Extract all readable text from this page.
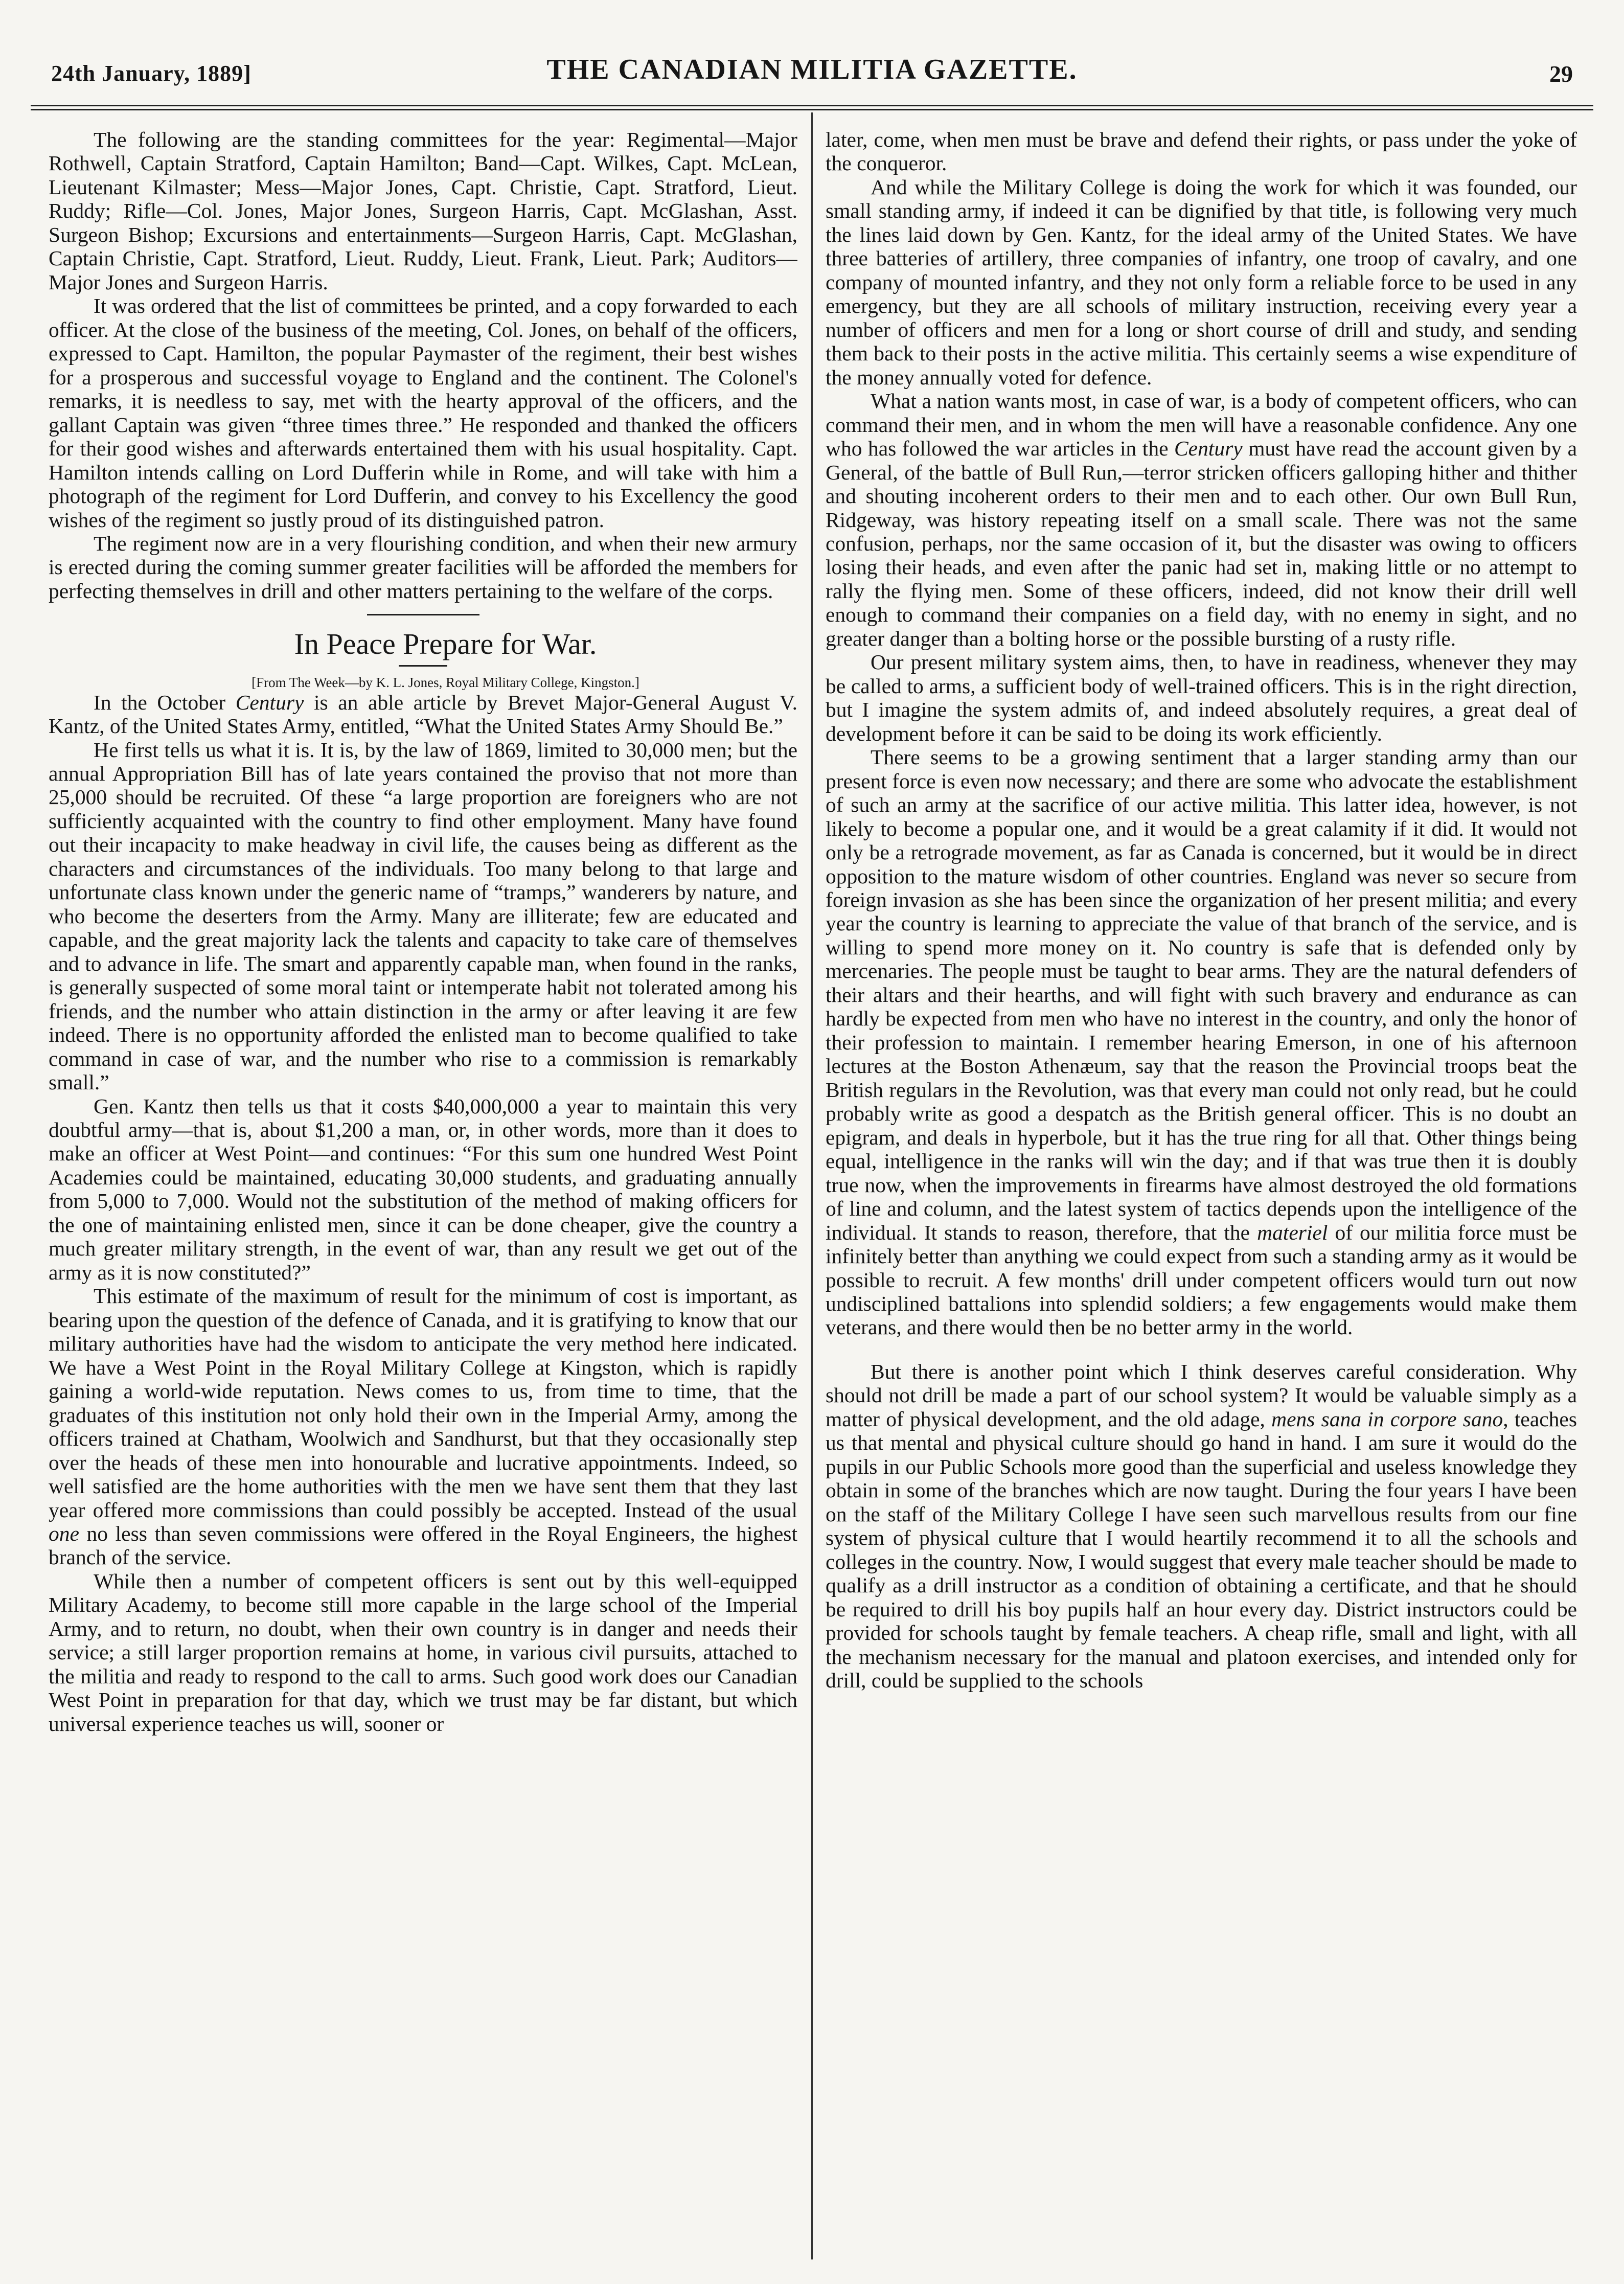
24th January, 1889]	THE CANADIAN MILITIA GAZETTE.	29

The following are the standing committees for the year: Regimental—Major Rothwell, Captain Stratford, Captain Hamilton; Band—Capt. Wilkes, Capt. McLean, Lieutenant Kilmaster; Mess—Major Jones, Capt. Christie, Capt. Stratford, Lieut. Ruddy; Rifle—Col. Jones, Major Jones, Surgeon Harris, Capt. McGlashan, Asst. Surgeon Bishop; Excursions and entertainments—Surgeon Harris, Capt. McGlashan, Captain Christie, Capt. Stratford, Lieut. Ruddy, Lieut. Frank, Lieut. Park; Auditors—Major Jones and Surgeon Harris.

It was ordered that the list of committees be printed, and a copy forwarded to each officer. At the close of the business of the meeting, Col. Jones, on behalf of the officers, expressed to Capt. Hamilton, the popular Paymaster of the regiment, their best wishes for a prosperous and successful voyage to England and the continent. The Colonel's remarks, it is needless to say, met with the hearty approval of the officers, and the gallant Captain was given “three times three.” He responded and thanked the officers for their good wishes and afterwards entertained them with his usual hospitality. Capt. Hamilton intends calling on Lord Dufferin while in Rome, and will take with him a photograph of the regiment for Lord Dufferin, and convey to his Excellency the good wishes of the regiment so justly proud of its distinguished patron.

The regiment now are in a very flourishing condition, and when their new armury is erected during the coming summer greater facilities will be afforded the members for perfecting themselves in drill and other matters pertaining to the welfare of the corps.

In Peace Prepare for War.

[From The Week—by K. L. Jones, Royal Military College, Kingston.]

In the October Century is an able article by Brevet Major-General August V. Kantz, of the United States Army, entitled, “What the United States Army Should Be.”

He first tells us what it is. It is, by the law of 1869, limited to 30,000 men; but the annual Appropriation Bill has of late years contained the proviso that not more than 25,000 should be recruited. Of these “a large proportion are foreigners who are not sufficiently acquainted with the country to find other employment. Many have found out their incapacity to make headway in civil life, the causes being as different as the characters and circumstances of the individuals. Too many belong to that large and unfortunate class known under the generic name of “tramps,” wanderers by nature, and who become the deserters from the Army. Many are illiterate; few are educated and capable, and the great majority lack the talents and capacity to take care of themselves and to advance in life. The smart and apparently capable man, when found in the ranks, is generally suspected of some moral taint or intemperate habit not tolerated among his friends, and the number who attain distinction in the army or after leaving it are few indeed. There is no opportunity afforded the enlisted man to become qualified to take command in case of war, and the number who rise to a commission is remarkably small.”

Gen. Kantz then tells us that it costs $40,000,000 a year to maintain this very doubtful army—that is, about $1,200 a man, or, in other words, more than it does to make an officer at West Point—and continues: “For this sum one hundred West Point Academies could be maintained, educating 30,000 students, and graduating annually from 5,000 to 7,000. Would not the substitution of the method of making officers for the one of maintaining enlisted men, since it can be done cheaper, give the country a much greater military strength, in the event of war, than any result we get out of the army as it is now constituted?”

This estimate of the maximum of result for the minimum of cost is important, as bearing upon the question of the defence of Canada, and it is gratifying to know that our military authorities have had the wisdom to anticipate the very method here indicated. We have a West Point in the Royal Military College at Kingston, which is rapidly gaining a world-wide reputation. News comes to us, from time to time, that the graduates of this institution not only hold their own in the Imperial Army, among the officers trained at Chatham, Woolwich and Sandhurst, but that they occasionally step over the heads of these men into honourable and lucrative appointments. Indeed, so well satisfied are the home authorities with the men we have sent them that they last year offered more commissions than could possibly be accepted. Instead of the usual one no less than seven commissions were offered in the Royal Engineers, the highest branch of the service.

While then a number of competent officers is sent out by this well-equipped Military Academy, to become still more capable in the large school of the Imperial Army, and to return, no doubt, when their own country is in danger and needs their service; a still larger proportion remains at home, in various civil pursuits, attached to the militia and ready to respond to the call to arms. Such good work does our Canadian West Point in preparation for that day, which we trust may be far distant, but which universal experience teaches us will, sooner or

later, come, when men must be brave and defend their rights, or pass under the yoke of the conqueror.

And while the Military College is doing the work for which it was founded, our small standing army, if indeed it can be dignified by that title, is following very much the lines laid down by Gen. Kantz, for the ideal army of the United States. We have three batteries of artillery, three companies of infantry, one troop of cavalry, and one company of mounted infantry, and they not only form a reliable force to be used in any emergency, but they are all schools of military instruction, receiving every year a number of officers and men for a long or short course of drill and study, and sending them back to their posts in the active militia. This certainly seems a wise expenditure of the money annually voted for defence.

What a nation wants most, in case of war, is a body of competent officers, who can command their men, and in whom the men will have a reasonable confidence. Any one who has followed the war articles in the Century must have read the account given by a General, of the battle of Bull Run,—terror stricken officers galloping hither and thither and shouting incoherent orders to their men and to each other. Our own Bull Run, Ridgeway, was history repeating itself on a small scale. There was not the same confusion, perhaps, nor the same occasion of it, but the disaster was owing to officers losing their heads, and even after the panic had set in, making little or no attempt to rally the flying men. Some of these officers, indeed, did not know their drill well enough to command their companies on a field day, with no enemy in sight, and no greater danger than a bolting horse or the possible bursting of a rusty rifle.

Our present military system aims, then, to have in readiness, whenever they may be called to arms, a sufficient body of well-trained officers. This is in the right direction, but I imagine the system admits of, and indeed absolutely requires, a great deal of development before it can be said to be doing its work efficiently.

There seems to be a growing sentiment that a larger standing army than our present force is even now necessary; and there are some who advocate the establishment of such an army at the sacrifice of our active militia. This latter idea, however, is not likely to become a popular one, and it would be a great calamity if it did. It would not only be a retrograde movement, as far as Canada is concerned, but it would be in direct opposition to the mature wisdom of other countries. England was never so secure from foreign invasion as she has been since the organization of her present militia; and every year the country is learning to appreciate the value of that branch of the service, and is willing to spend more money on it. No country is safe that is defended only by mercenaries. The people must be taught to bear arms. They are the natural defenders of their altars and their hearths, and will fight with such bravery and endurance as can hardly be expected from men who have no interest in the country, and only the honor of their profession to maintain. I remember hearing Emerson, in one of his afternoon lectures at the Boston Athenæum, say that the reason the Provincial troops beat the British regulars in the Revolution, was that every man could not only read, but he could probably write as good a despatch as the British general officer. This is no doubt an epigram, and deals in hyperbole, but it has the true ring for all that. Other things being equal, intelligence in the ranks will win the day; and if that was true then it is doubly true now, when the improvements in firearms have almost destroyed the old formations of line and column, and the latest system of tactics depends upon the intelligence of the individual. It stands to reason, therefore, that the materiel of our militia force must be infinitely better than anything we could expect from such a standing army as it would be possible to recruit. A few months' drill under competent officers would turn out now undisciplined battalions into splendid soldiers; a few engagements would make them veterans, and there would then be no better army in the world.

But there is another point which I think deserves careful consideration. Why should not drill be made a part of our school system? It would be valuable simply as a matter of physical development, and the old adage, mens sana in corpore sano, teaches us that mental and physical culture should go hand in hand. I am sure it would do the pupils in our Public Schools more good than the superficial and useless knowledge they obtain in some of the branches which are now taught. During the four years I have been on the staff of the Military College I have seen such marvellous results from our fine system of physical culture that I would heartily recommend it to all the schools and colleges in the country. Now, I would suggest that every male teacher should be made to qualify as a drill instructor as a condition of obtaining a certificate, and that he should be required to drill his boy pupils half an hour every day. District instructors could be provided for schools taught by female teachers. A cheap rifle, small and light, with all the mechanism necessary for the manual and platoon exercises, and intended only for drill, could be supplied to the schools
